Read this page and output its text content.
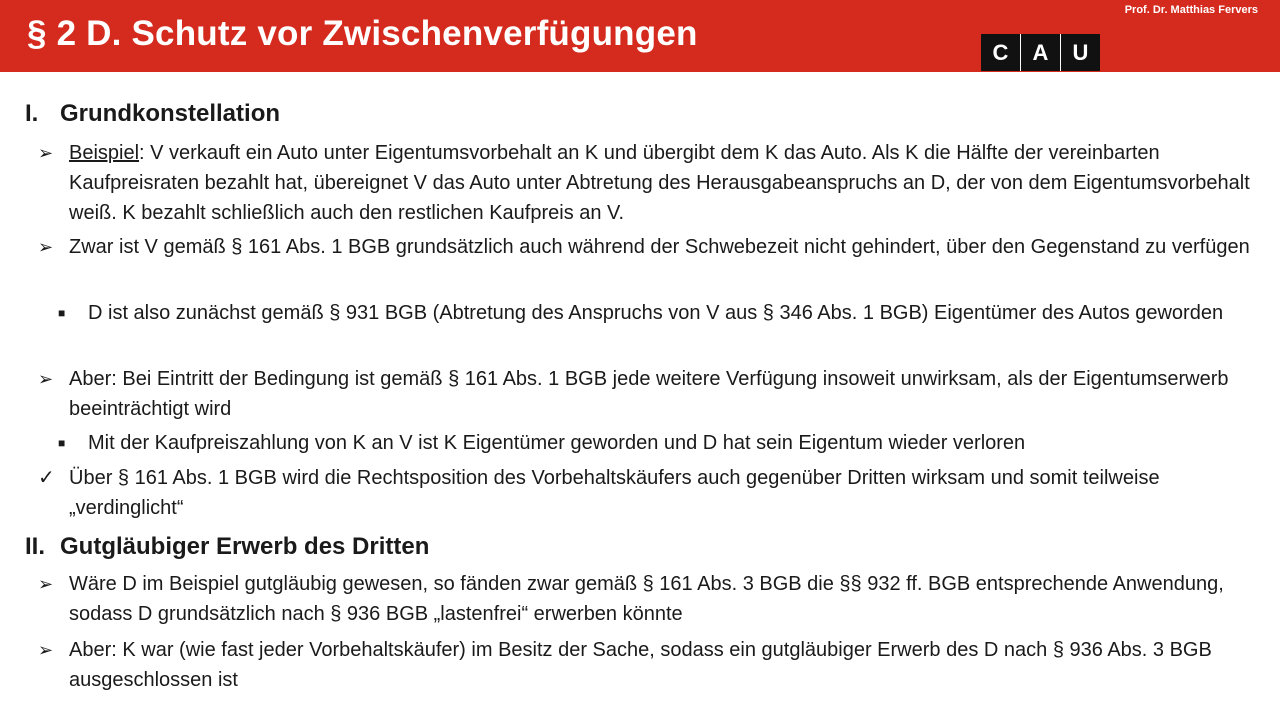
§ 2 D. Schutz vor Zwischenverfügungen
Prof. Dr. Matthias Fervers
C	A	U
I. Grundkonstellation
➢ Beispiel: V verkauft ein Auto unter Eigentumsvorbehalt an K und übergibt dem K das Auto. Als K die Hälfte der vereinbarten Kaufpreisraten bezahlt hat, übereignet V das Auto unter Abtretung des Herausgabeanspruchs an D, der von dem Eigentumsvorbehalt weiß. K bezahlt schließlich auch den restlichen Kaufpreis an V.
➢ Zwar ist V gemäß § 161 Abs. 1 BGB grundsätzlich auch während der Schwebezeit nicht gehindert, über den Gegenstand zu verfügen
■ D ist also zunächst gemäß § 931 BGB (Abtretung des Anspruchs von V aus § 346 Abs. 1 BGB) Eigentümer des Autos geworden
➢ Aber: Bei Eintritt der Bedingung ist gemäß § 161 Abs. 1 BGB jede weitere Verfügung insoweit unwirksam, als der Eigentumserwerb beeinträchtigt wird
■ Mit der Kaufpreiszahlung von K an V ist K Eigentümer geworden und D hat sein Eigentum wieder verloren
✓ Über § 161 Abs. 1 BGB wird die Rechtsposition des Vorbehaltskäufers auch gegenüber Dritten wirksam und somit teilweise „verdinglicht“
II. Gutgläubiger Erwerb des Dritten
➢ Wäre D im Beispiel gutgläubig gewesen, so fänden zwar gemäß § 161 Abs. 3 BGB die §§ 932 ff. BGB entsprechende Anwendung, sodass D grundsätzlich nach § 936 BGB „lastenfrei“ erwerben könnte
➢ Aber: K war (wie fast jeder Vorbehaltskäufer) im Besitz der Sache, sodass ein gutgläubiger Erwerb des D nach § 936 Abs. 3 BGB ausgeschlossen ist
